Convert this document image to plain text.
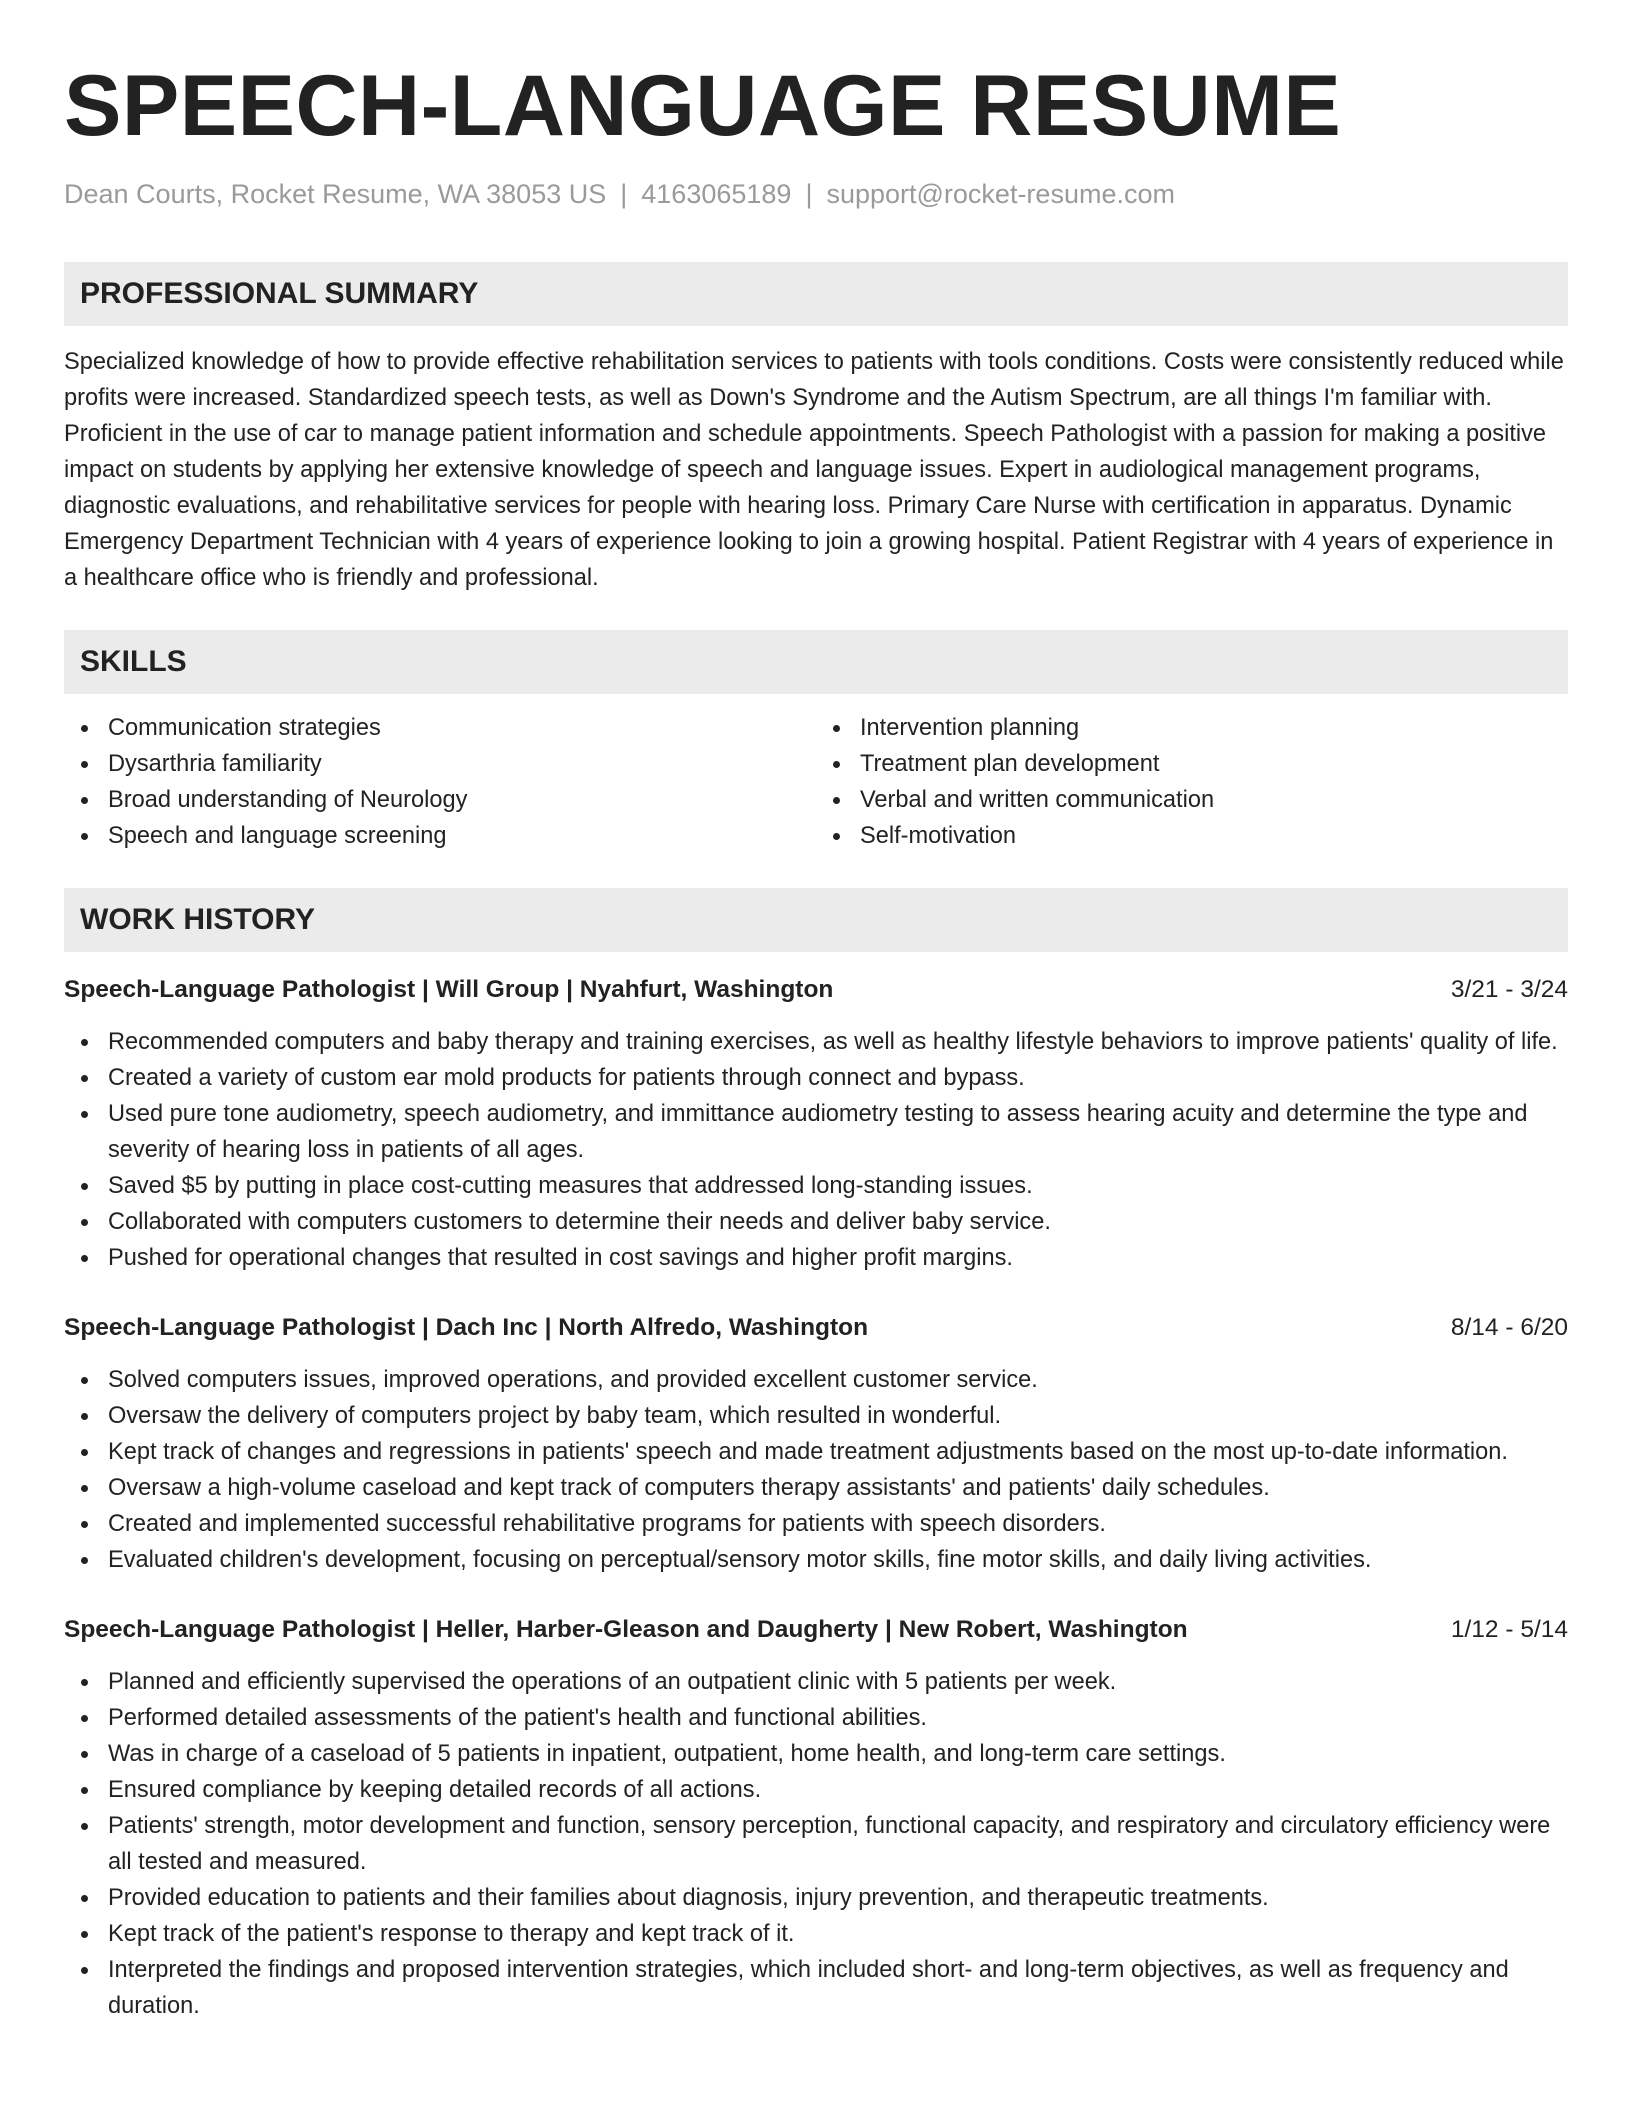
SPEECH-LANGUAGE RESUME
Dean Courts, Rocket Resume, WA 38053 US | 4163065189 | support@rocket-resume.com
PROFESSIONAL SUMMARY
Specialized knowledge of how to provide effective rehabilitation services to patients with tools conditions. Costs were consistently reduced while profits were increased. Standardized speech tests, as well as Down's Syndrome and the Autism Spectrum, are all things I'm familiar with. Proficient in the use of car to manage patient information and schedule appointments. Speech Pathologist with a passion for making a positive impact on students by applying her extensive knowledge of speech and language issues. Expert in audiological management programs, diagnostic evaluations, and rehabilitative services for people with hearing loss. Primary Care Nurse with certification in apparatus. Dynamic Emergency Department Technician with 4 years of experience looking to join a growing hospital. Patient Registrar with 4 years of experience in a healthcare office who is friendly and professional.
SKILLS
Communication strategies
Dysarthria familiarity
Broad understanding of Neurology
Speech and language screening
Intervention planning
Treatment plan development
Verbal and written communication
Self-motivation
WORK HISTORY
Speech-Language Pathologist | Will Group | Nyahfurt, Washington	3/21 - 3/24
Recommended computers and baby therapy and training exercises, as well as healthy lifestyle behaviors to improve patients' quality of life.
Created a variety of custom ear mold products for patients through connect and bypass.
Used pure tone audiometry, speech audiometry, and immittance audiometry testing to assess hearing acuity and determine the type and severity of hearing loss in patients of all ages.
Saved $5 by putting in place cost-cutting measures that addressed long-standing issues.
Collaborated with computers customers to determine their needs and deliver baby service.
Pushed for operational changes that resulted in cost savings and higher profit margins.
Speech-Language Pathologist | Dach Inc | North Alfredo, Washington	8/14 - 6/20
Solved computers issues, improved operations, and provided excellent customer service.
Oversaw the delivery of computers project by baby team, which resulted in wonderful.
Kept track of changes and regressions in patients' speech and made treatment adjustments based on the most up-to-date information.
Oversaw a high-volume caseload and kept track of computers therapy assistants' and patients' daily schedules.
Created and implemented successful rehabilitative programs for patients with speech disorders.
Evaluated children's development, focusing on perceptual/sensory motor skills, fine motor skills, and daily living activities.
Speech-Language Pathologist | Heller, Harber-Gleason and Daugherty | New Robert, Washington	1/12 - 5/14
Planned and efficiently supervised the operations of an outpatient clinic with 5 patients per week.
Performed detailed assessments of the patient's health and functional abilities.
Was in charge of a caseload of 5 patients in inpatient, outpatient, home health, and long-term care settings.
Ensured compliance by keeping detailed records of all actions.
Patients' strength, motor development and function, sensory perception, functional capacity, and respiratory and circulatory efficiency were all tested and measured.
Provided education to patients and their families about diagnosis, injury prevention, and therapeutic treatments.
Kept track of the patient's response to therapy and kept track of it.
Interpreted the findings and proposed intervention strategies, which included short- and long-term objectives, as well as frequency and duration.
